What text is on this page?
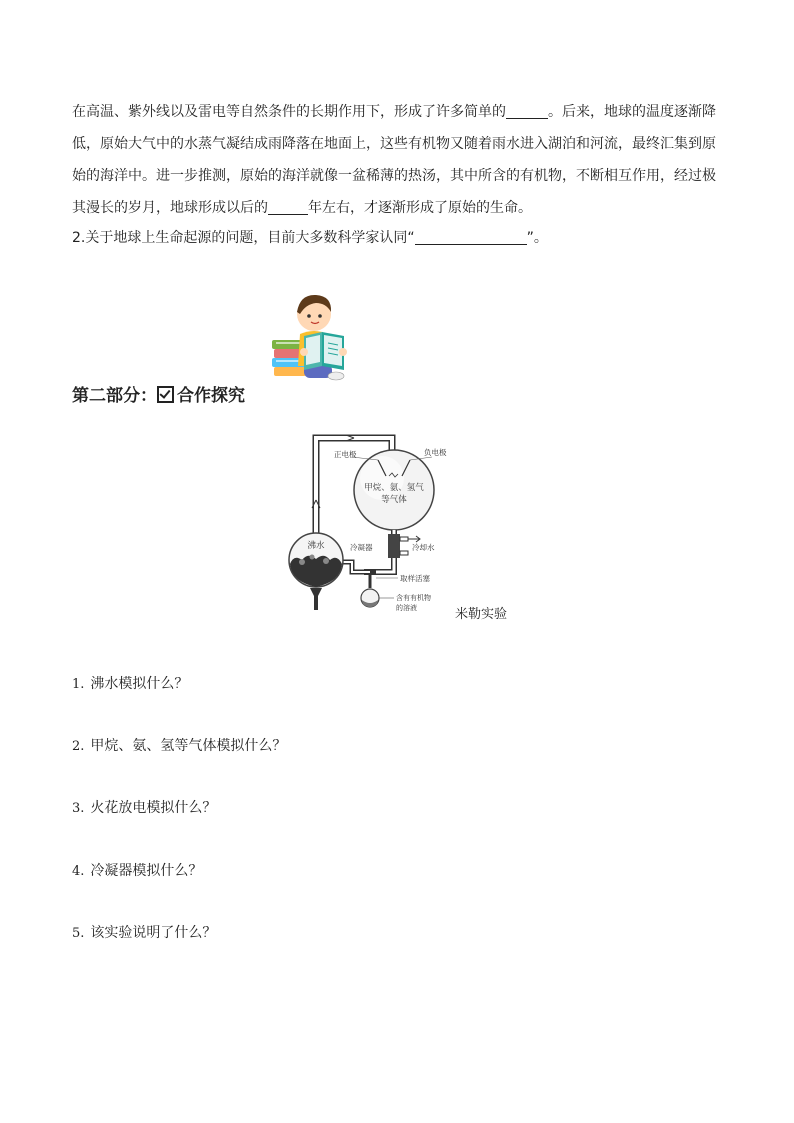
在高温、紫外线以及雷电等自然条件的长期作用下，形成了许多简单的	。后来，地球的温度逐渐降
低，原始大气中的水蒸气凝结成雨降落在地面上，这些有机物又随着雨水进入湖泊和河流，最终汇集到原
始的海洋中。进一步推测，原始的海洋就像一盆稀薄的热汤，其中所含的有机物，不断相互作用，经过极
其漫长的岁月，地球形成以后的	年左右，才逐渐形成了原始的生命。
2.关于地球上生命起源的问题，目前大多数科学家认同“	”。
第二部分： 合作探究
正电极	负电极
甲烷、氨、氢气
等气体
冷凝器	冷却水
取样活塞
含有有机物
的溶液
沸水
米勒实验
1. 沸水模拟什么？
2. 甲烷、氨、氢等气体模拟什么？
3. 火花放电模拟什么？
4. 冷凝器模拟什么？
5. 该实验说明了什么？
